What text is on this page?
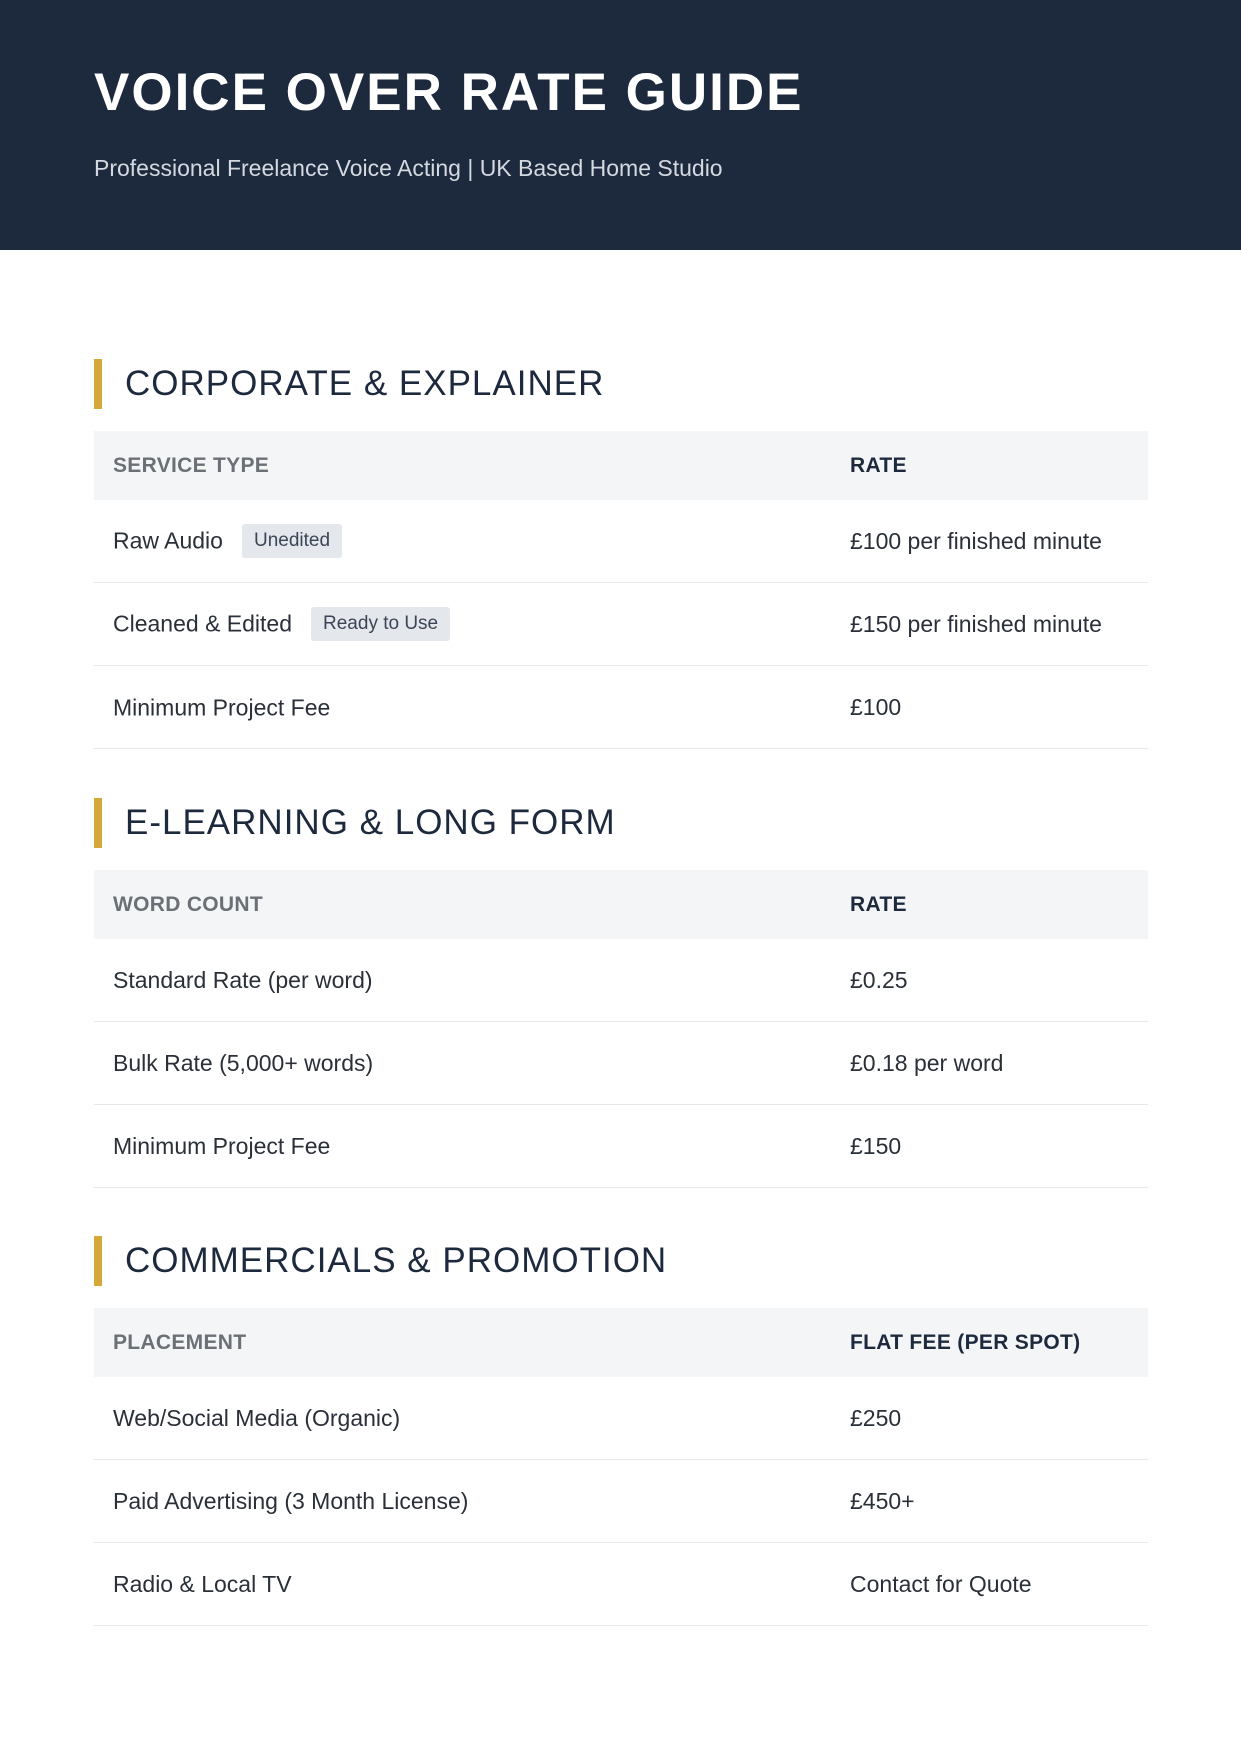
VOICE OVER RATE GUIDE
Professional Freelance Voice Acting | UK Based Home Studio
CORPORATE & EXPLAINER
SERVICE TYPE	RATE
Raw Audio Unedited	£100 per finished minute
Cleaned & Edited Ready to Use	£150 per finished minute
Minimum Project Fee	£100
E-LEARNING & LONG FORM
WORD COUNT	RATE
Standard Rate (per word)	£0.25
Bulk Rate (5,000+ words)	£0.18 per word
Minimum Project Fee	£150
COMMERCIALS & PROMOTION
PLACEMENT	FLAT FEE (PER SPOT)
Web/Social Media (Organic)	£250
Paid Advertising (3 Month License)	£450+
Radio & Local TV	Contact for Quote
